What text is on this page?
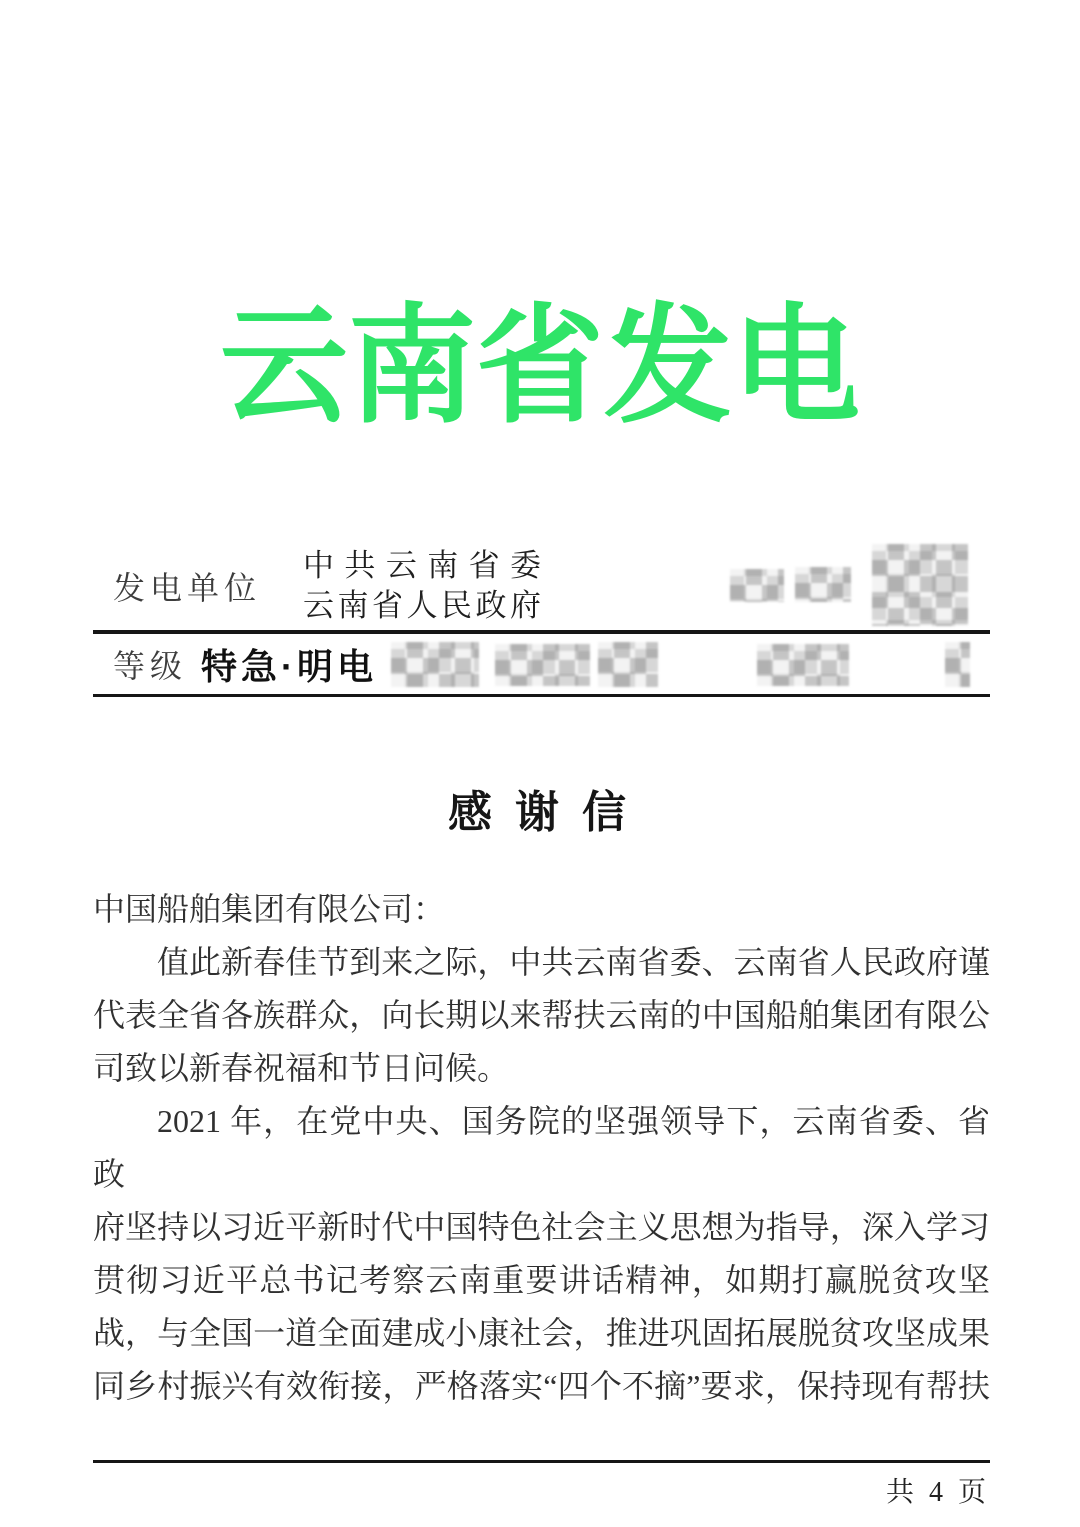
云南省发电
发电单位
中共云南省委
云南省人民政府
等级 特急·明电
感 谢 信
中国船舶集团有限公司：
值此新春佳节到来之际，中共云南省委、云南省人民政府谨
代表全省各族群众，向长期以来帮扶云南的中国船舶集团有限公
司致以新春祝福和节日问候。
2021 年，在党中央、国务院的坚强领导下，云南省委、省政
府坚持以习近平新时代中国特色社会主义思想为指导，深入学习
贯彻习近平总书记考察云南重要讲话精神，如期打赢脱贫攻坚
战，与全国一道全面建成小康社会，推进巩固拓展脱贫攻坚成果
同乡村振兴有效衔接，严格落实“四个不摘”要求，保持现有帮扶
共 4 页
